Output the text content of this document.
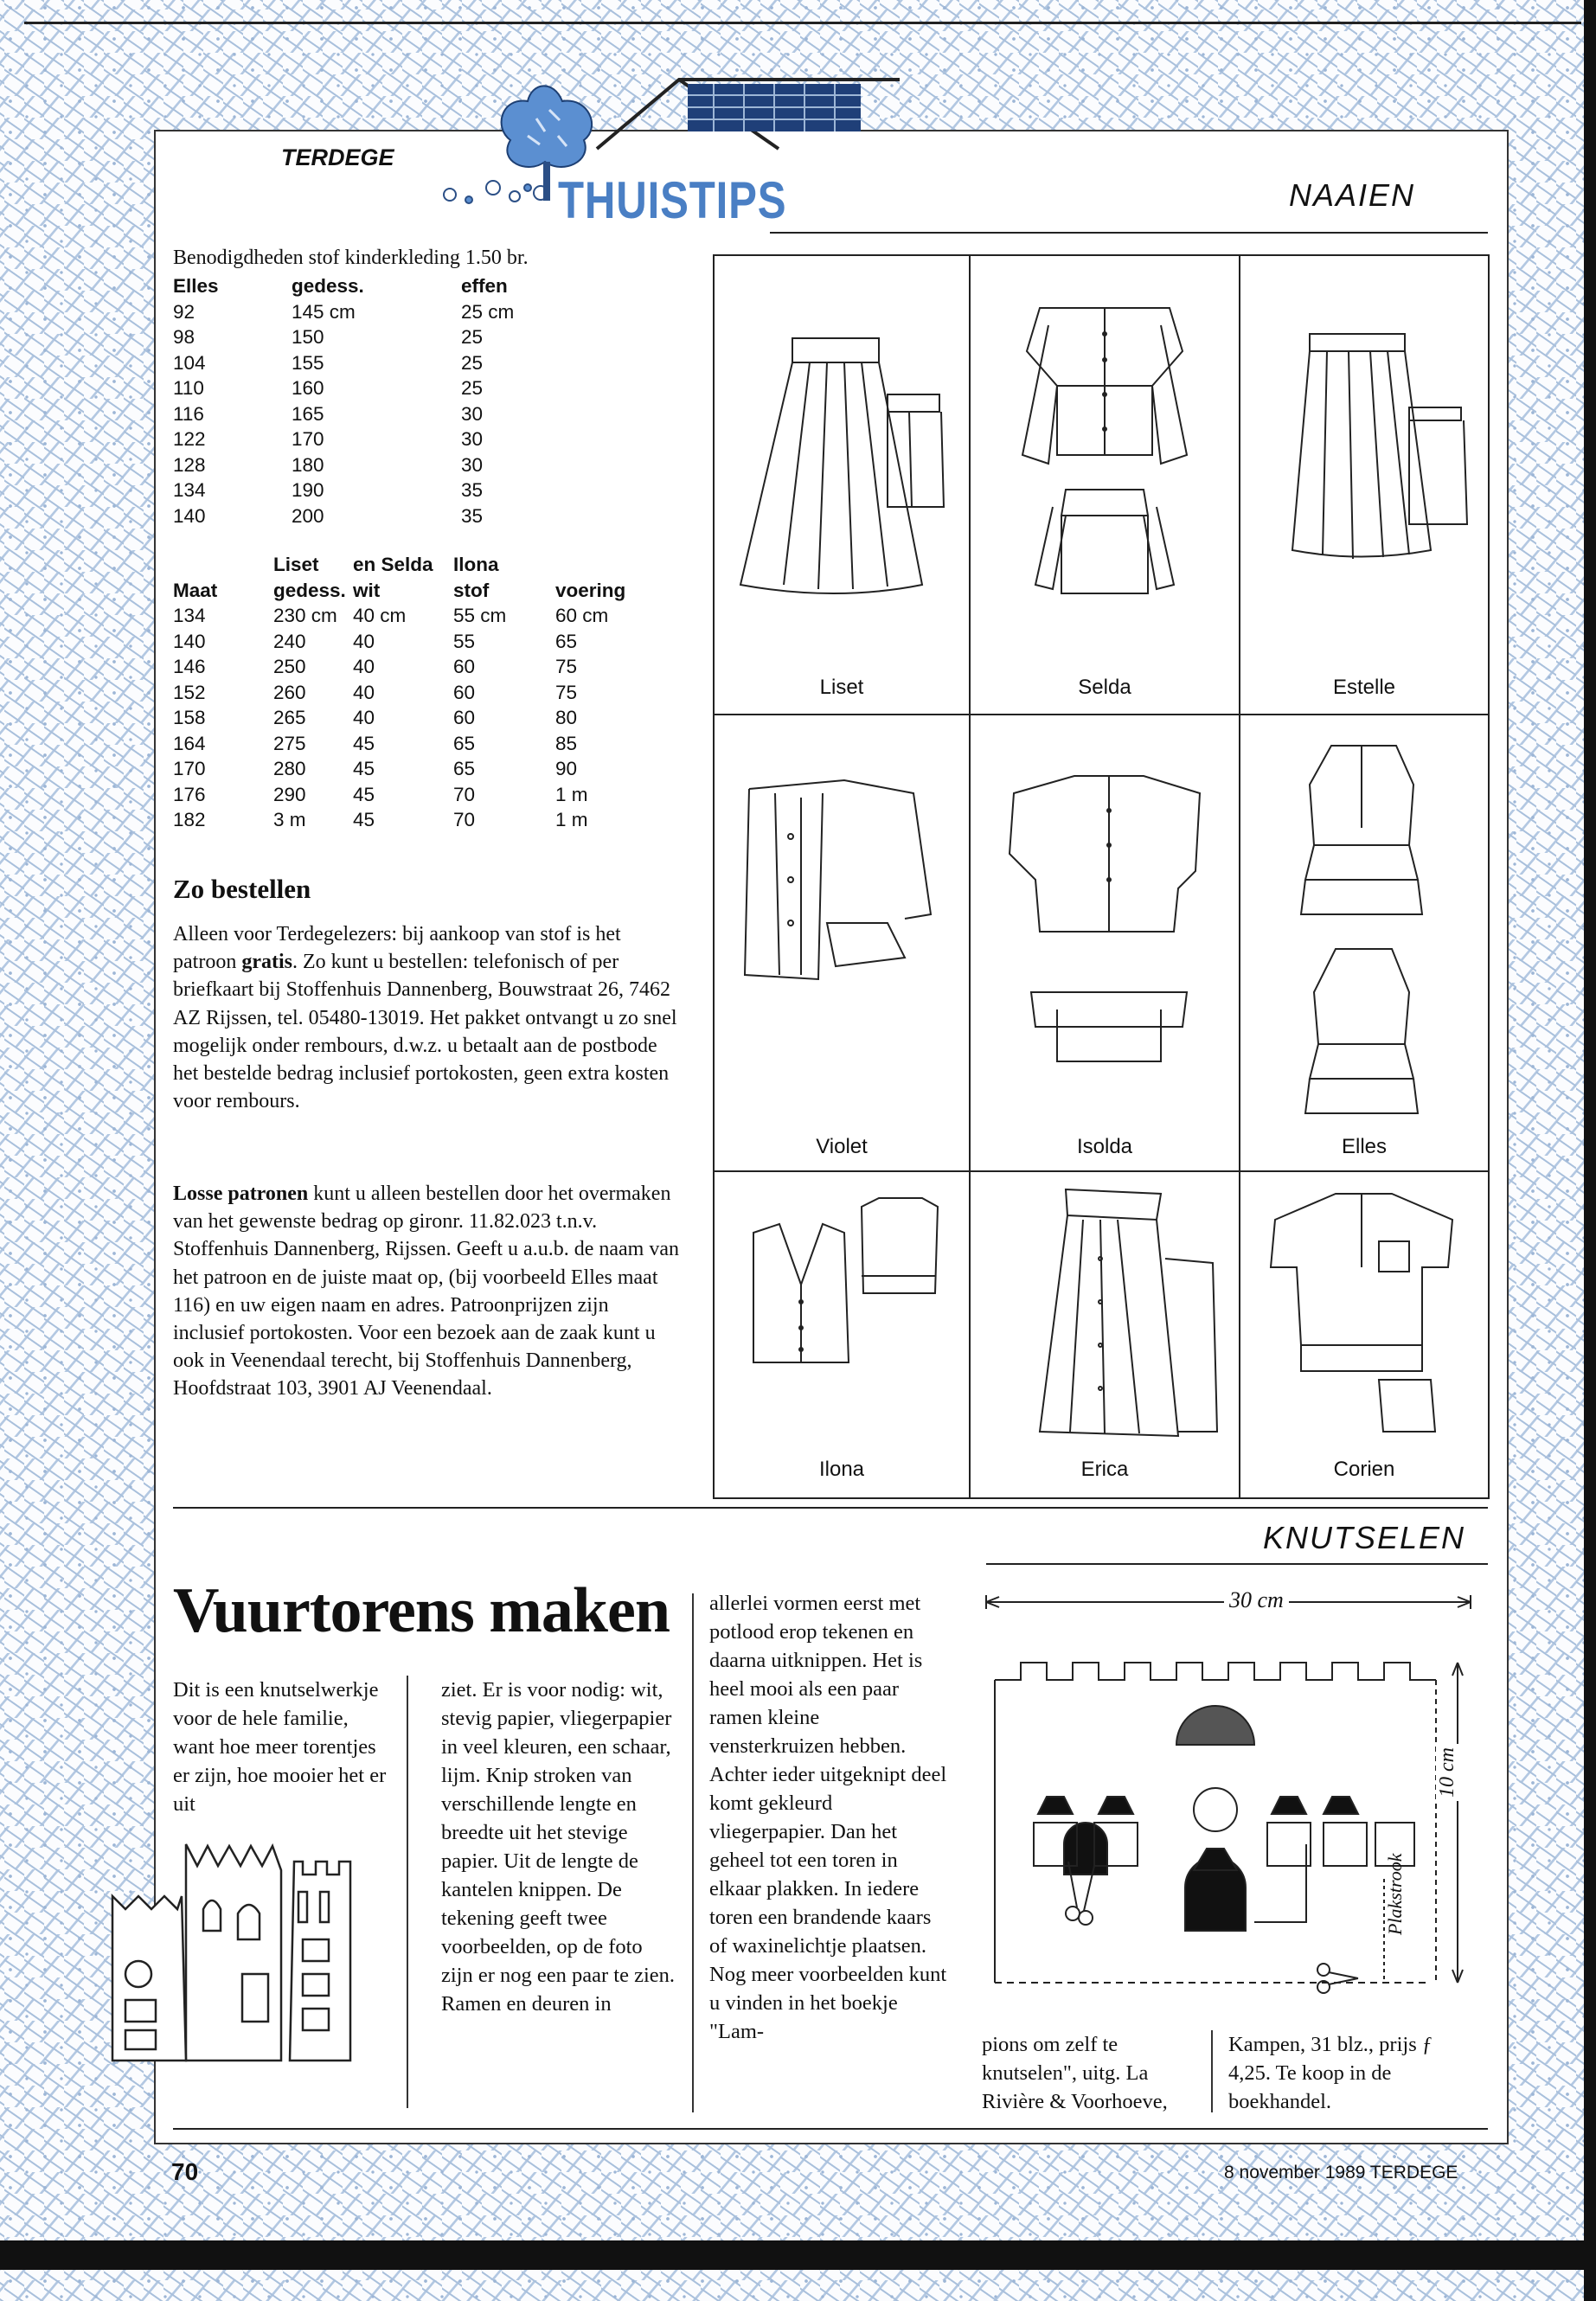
TERDEGE
THUISTIPS	NAAIEN
Benodigdheden stof kinderkleding 1.50 br.
Elles	gedess.	effen
92	145 cm	25 cm
98	150	25
104	155	25
110	160	25
116	165	30
122	170	30
128	180	30
134	190	35
140	200	35
Liset	en Selda	Ilona
Maat	gedess. wit	stof	voering
134	230 cm 40 cm	55 cm	60 cm
140	240	40	55	65
146	250	40	60	75
152	260	40	60	75
158	265	40	60	80
164	275	45	65	85
170	280	45	65	90
176	290	45	70	1 m
182	3 m	45	70	1 m
Zo bestellen
Alleen voor Terdegelezers: bij aankoop van stof is het patroon gratis. Zo kunt u bestellen: telefonisch of per briefkaart bij Stoffenhuis Dannenberg, Bouwstraat 26, 7462 AZ Rijssen, tel. 05480-13019. Het pakket ontvangt u zo snel mogelijk onder rembours, d.w.z. u betaalt aan de postbode het bestelde bedrag inclusief portokosten, geen extra kosten voor rembours.
Losse patronen kunt u alleen bestellen door het overmaken van het gewenste bedrag op gironr. 11.82.023 t.n.v. Stoffenhuis Dannenberg, Rijssen. Geeft u a.u.b. de naam van het patroon en de juiste maat op, (bij voorbeeld Elles maat 116) en uw eigen naam en adres. Patroonprijzen zijn inclusief portokosten. Voor een bezoek aan de zaak kunt u ook in Veenendaal terecht, bij Stoffenhuis Dannenberg, Hoofdstraat 103, 3901 AJ Veenendaal.
Liset	Selda	Estelle
Violet	Isolda	Elles
Ilona	Erica	Corien
KNUTSELEN
Vuurtorens maken
Dit is een knutselwerkje voor de hele familie, want hoe meer torentjes er zijn, hoe mooier het er uit
ziet. Er is voor nodig: wit, stevig papier, vliegerpapier in veel kleuren, een schaar, lijm. Knip stroken van verschillende lengte en breedte uit het stevige papier. Uit de lengte de kantelen knippen. De tekening geeft twee voorbeelden, op de foto zijn er nog een paar te zien. Ramen en deuren in
allerlei vormen eerst met potlood erop tekenen en daarna uitknippen. Het is heel mooi als een paar ramen kleine vensterkruizen hebben. Achter ieder uitgeknipt deel komt gekleurd vliegerpapier. Dan het geheel tot een toren in elkaar plakken. In iedere toren een brandende kaars of waxinelichtje plaatsen. Nog meer voorbeelden kunt u vinden in het boekje "Lam-
pions om zelf te knutselen", uitg. La Rivière & Voorhoeve,
Kampen, 31 blz., prijs ƒ 4,25. Te koop in de boekhandel.
30 cm
10 cm
Plakstrook
70	8 november 1989 TERDEGE
